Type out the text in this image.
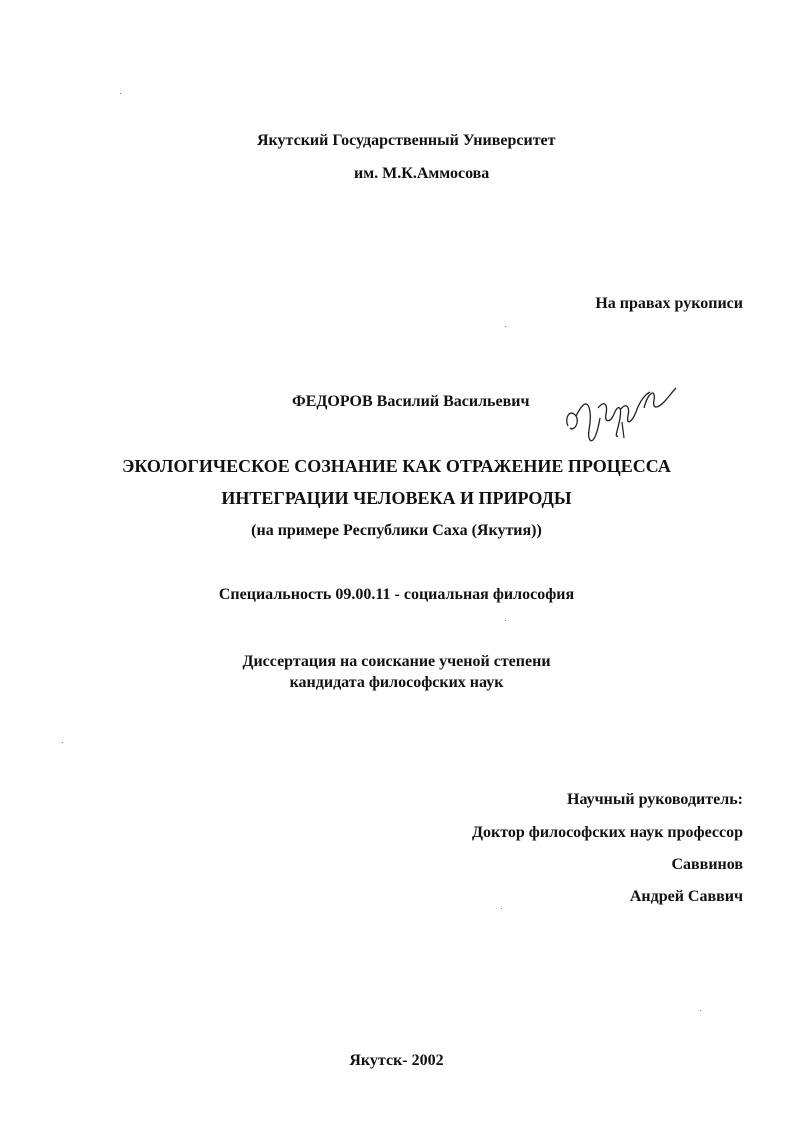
Якутский Государственный Университет

им. М.К.Аммосова

На правах рукописи

ФЕДОРОВ Василий Васильевич

ЭКОЛОГИЧЕСКОЕ СОЗНАНИЕ КАК ОТРАЖЕНИЕ ПРОЦЕССА

ИНТЕГРАЦИИ ЧЕЛОВЕКА И ПРИРОДЫ

(на примере Республики Саха (Якутия))

Специальность 09.00.11 - социальная философия

Диссертация на соискание ученой степени

кандидата философских наук

Научный руководитель:

Доктор философских наук профессор

Саввинов

Андрей Саввич

Якутск- 2002
